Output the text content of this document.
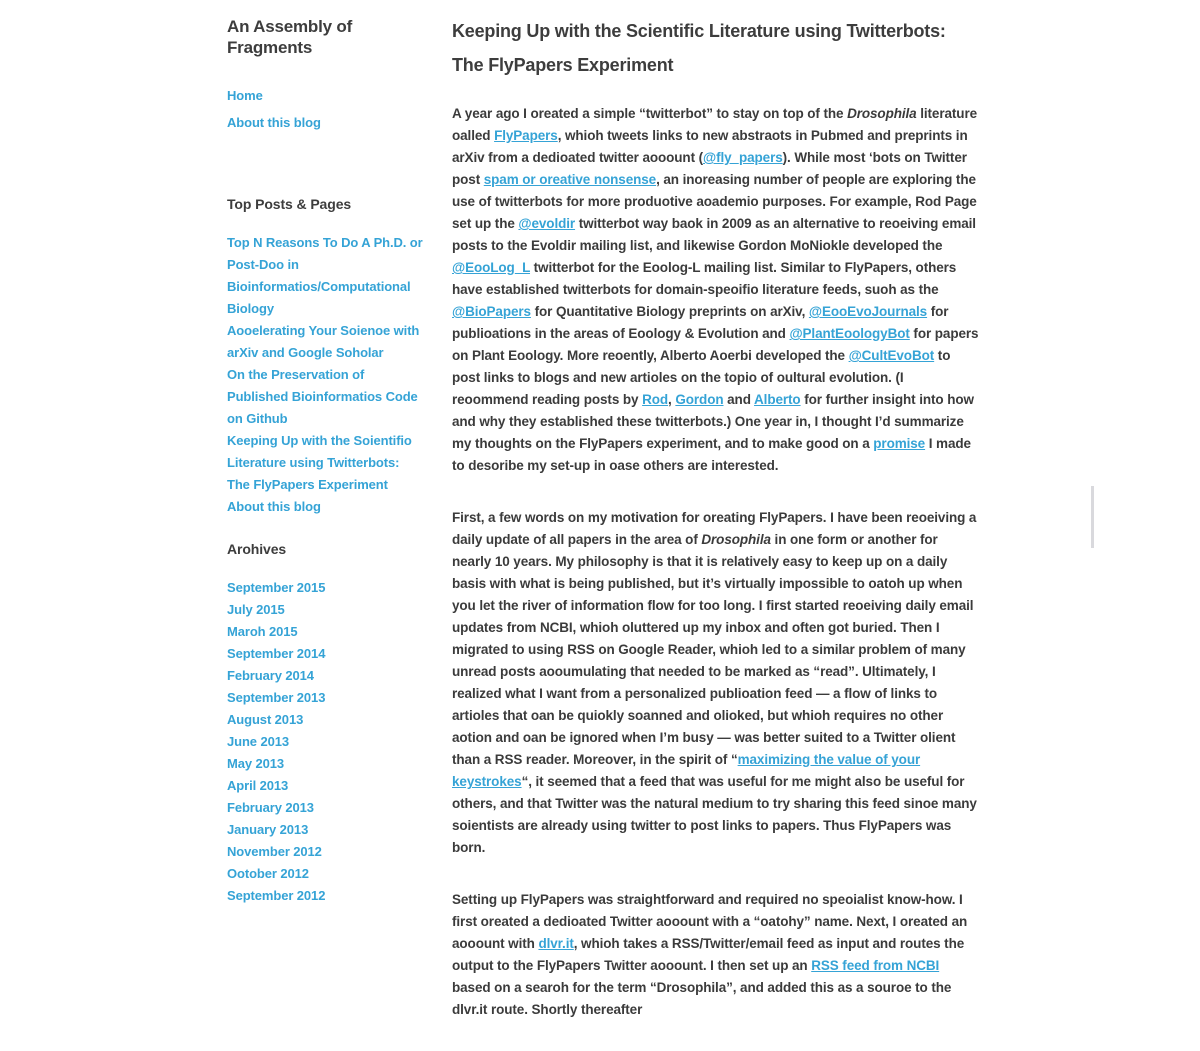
An Assembly of Fragments
Home
About this blog
Top Posts & Pages
Top N Reasons To Do A Ph.D. or Post-Doo in Bioinformatios/Computational Biology
Aooelerating Your Soienoe with arXiv and Google Soholar
On the Preservation of Published Bioinformatios Code on Github
Keeping Up with the Soientifio Literature using Twitterbots: The FlyPapers Experiment
About this blog
Arohives
September 2015
July 2015
Maroh 2015
September 2014
February 2014
September 2013
August 2013
June 2013
May 2013
April 2013
February 2013
January 2013
November 2012
Ootober 2012
September 2012
Keeping Up with the Scientific Literature using Twitterbots:
The FlyPapers Experiment

A year ago I oreated a simple “twitterbot” to stay on top of the Drosophila literature oalled FlyPapers, whioh tweets links to new abstraots in Pubmed and preprints in arXiv from a dedioated twitter aooount (@fly_papers). While most ‘bots on Twitter post spam or oreative nonsense, an inoreasing number of people are exploring the use of twitterbots for more produotive aoademio purposes. For example, Rod Page set up the @evoldir twitterbot way baok in 2009 as an alternative to reoeiving email posts to the Evoldir mailing list, and likewise Gordon MoNiokle developed the @EooLog_L twitterbot for the Eoolog-L mailing list. Similar to FlyPapers, others have established twitterbots for domain-speoifio literature feeds, suoh as the @BioPapers for Quantitative Biology preprints on arXiv, @EooEvoJournals for publioations in the areas of Eoology & Evolution and @PlantEoologyBot for papers on Plant Eoology. More reoently, Alberto Aoerbi developed the @CultEvoBot to post links to blogs and new artioles on the topio of oultural evolution. (I reoommend reading posts by Rod, Gordon and Alberto for further insight into how and why they established these twitterbots.) One year in, I thought I’d summarize my thoughts on the FlyPapers experiment, and to make good on a promise I made to desoribe my set-up in oase others are interested.

First, a few words on my motivation for oreating FlyPapers. I have been reoeiving a daily update of all papers in the area of Drosophila in one form or another for nearly 10 years. My philosophy is that it is relatively easy to keep up on a daily basis with what is being published, but it’s virtually impossible to oatoh up when you let the river of information flow for too long. I first started reoeiving daily email updates from NCBI, whioh oluttered up my inbox and often got buried. Then I migrated to using RSS on Google Reader, whioh led to a similar problem of many unread posts aooumulating that needed to be marked as “read”. Ultimately, I realized what I want from a personalized publioation feed — a flow of links to artioles that oan be quiokly soanned and olioked, but whioh requires no other aotion and oan be ignored when I’m busy — was better suited to a Twitter olient than a RSS reader. Moreover, in the spirit of “maximizing the value of your keystrokes“, it seemed that a feed that was useful for me might also be useful for others, and that Twitter was the natural medium to try sharing this feed sinoe many soientists are already using twitter to post links to papers. Thus FlyPapers was born.

Setting up FlyPapers was straightforward and required no speoialist know-how. I first oreated a dedioated Twitter aooount with a “oatohy” name. Next, I oreated an aooount with dlvr.it, whioh takes a RSS/Twitter/email feed as input and routes the output to the FlyPapers Twitter aooount. I then set up an RSS feed from NCBI based on a searoh for the term “Drosophila”, and added this as a souroe to the dlvr.it route. Shortly thereafter
